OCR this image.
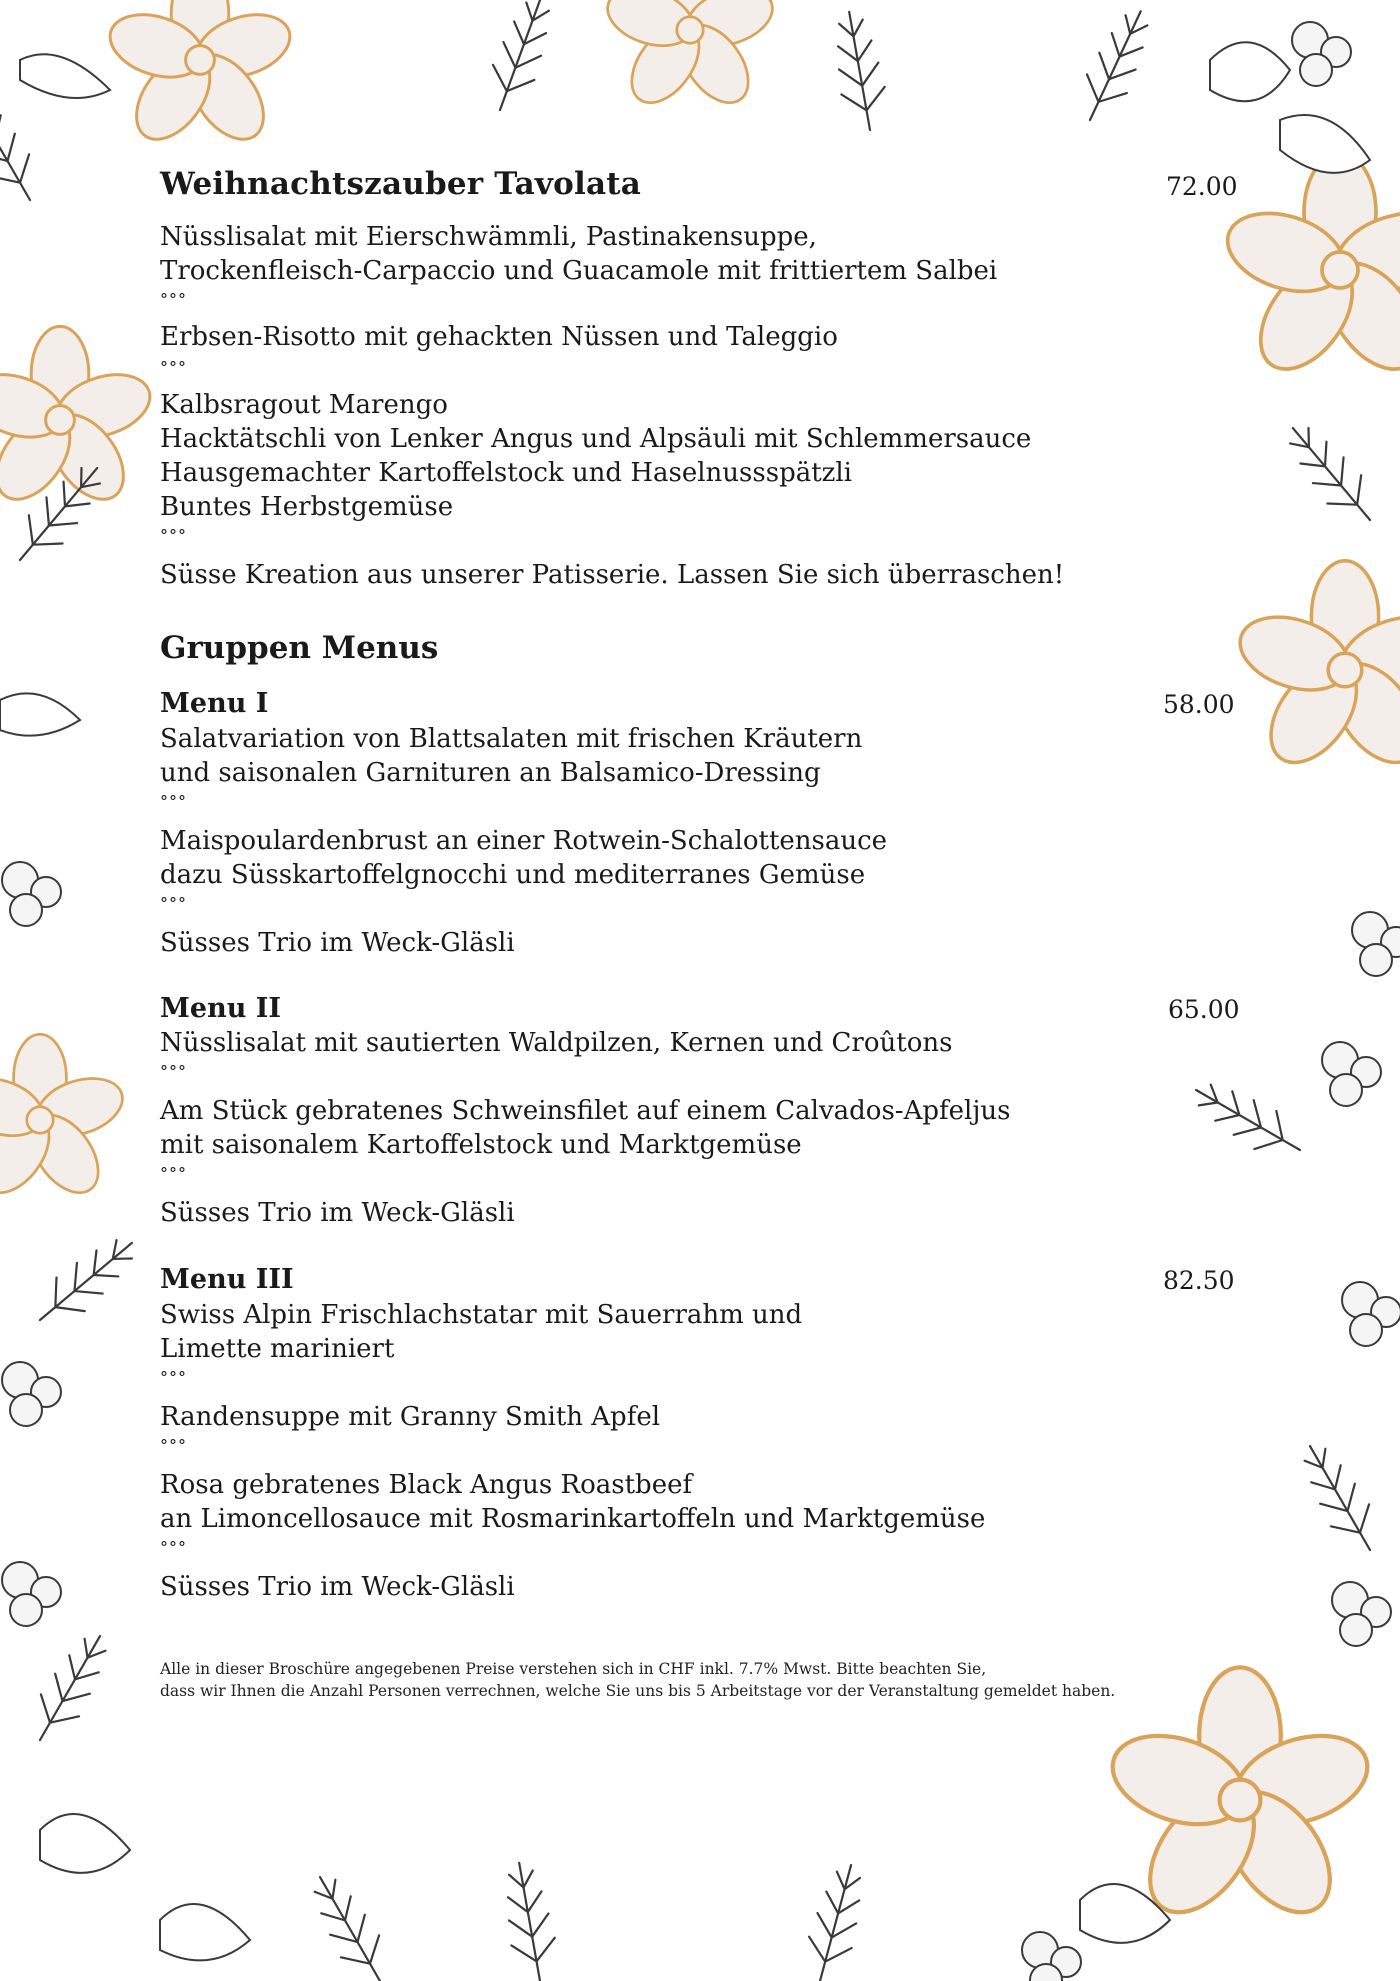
Weihnachtszauber Tavolata	72.00
Nüsslisalat mit Eierschwämmli, Pastinakensuppe,
Trockenfleisch-Carpaccio und Guacamole mit frittiertem Salbei
°°°
Erbsen-Risotto mit gehackten Nüssen und Taleggio
°°°
Kalbsragout Marengo
Hacktätschli von Lenker Angus und Alpsäuli mit Schlemmersauce
Hausgemachter Kartoffelstock und Haselnussspätzli
Buntes Herbstgemüse
°°°
Süsse Kreation aus unserer Patisserie. Lassen Sie sich überraschen!
Gruppen Menus
Menu I	58.00
Salatvariation von Blattsalaten mit frischen Kräutern
und saisonalen Garnituren an Balsamico-Dressing
°°°
Maispoulardenbrust an einer Rotwein-Schalottensauce
dazu Süsskartoffelgnocchi und mediterranes Gemüse
°°°
Süsses Trio im Weck-Gläsli
Menu II	65.00
Nüsslisalat mit sautierten Waldpilzen, Kernen und Croûtons
°°°
Am Stück gebratenes Schweinsfilet auf einem Calvados-Apfeljus
mit saisonalem Kartoffelstock und Marktgemüse
°°°
Süsses Trio im Weck-Gläsli
Menu III	82.50
Swiss Alpin Frischlachstatar mit Sauerrahm und
Limette mariniert
°°°
Randensuppe mit Granny Smith Apfel
°°°
Rosa gebratenes Black Angus Roastbeef
an Limoncellosauce mit Rosmarinkartoffeln und Marktgemüse
°°°
Süsses Trio im Weck-Gläsli
Alle in dieser Broschüre angegebenen Preise verstehen sich in CHF inkl. 7.7% Mwst. Bitte beachten Sie,
dass wir Ihnen die Anzahl Personen verrechnen, welche Sie uns bis 5 Arbeitstage vor der Veranstaltung gemeldet haben.
